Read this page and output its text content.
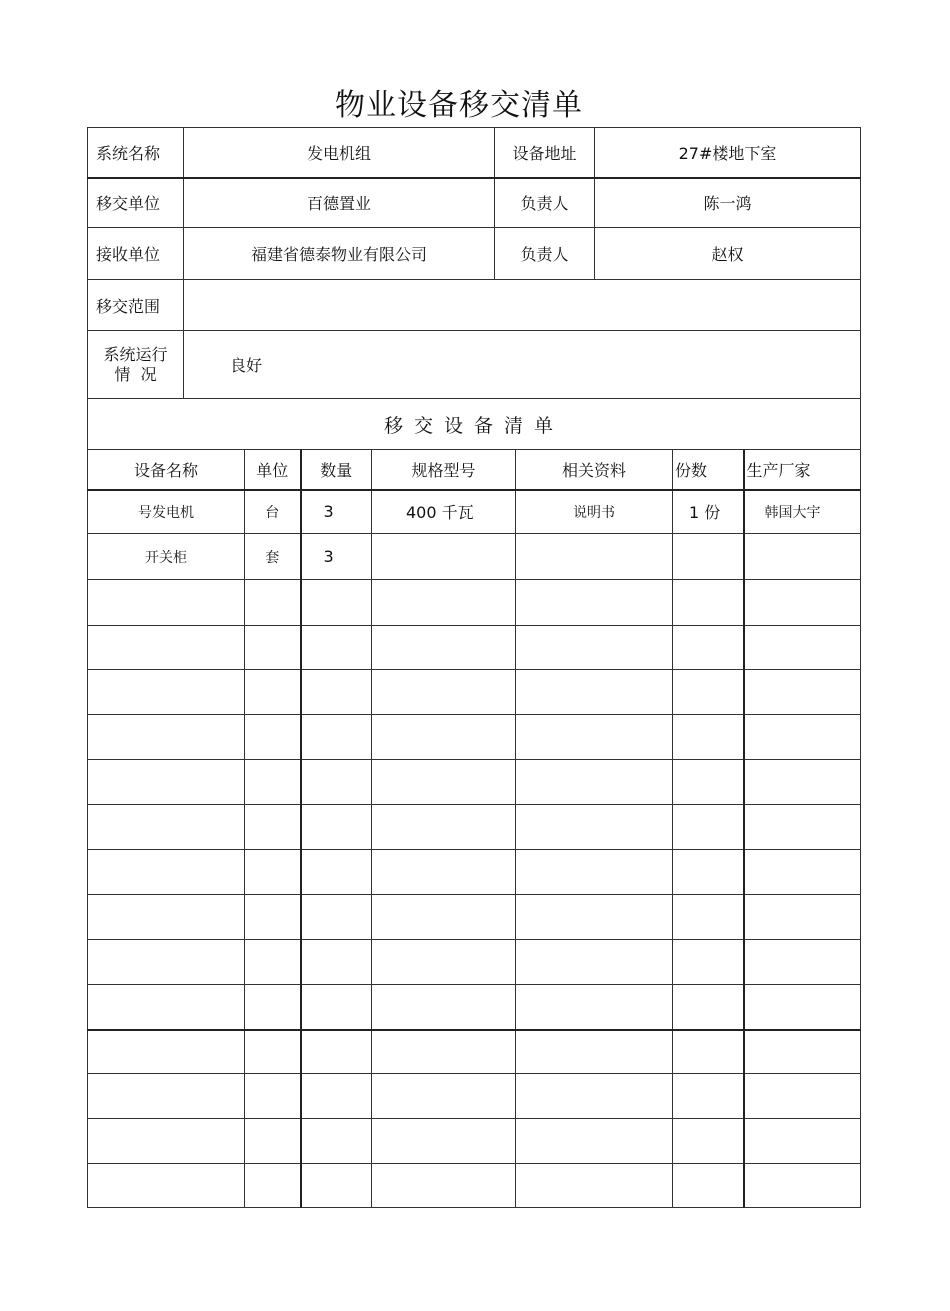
物业设备移交清单
系统名称	发电机组	设备地址	27#楼地下室
移交单位	百德置业	负责人	陈一鸿
接收单位	福建省德泰物业有限公司	负责人	赵权
移交范围			

系统运行
情  况	良好		
移交设备清单			
设备名称	单位	数量	规格型号	相关资料	份数	生产厂家
号发电机	台	3	400 千瓦	说明书	1 份	韩国大宇
开关柜	套	3				
